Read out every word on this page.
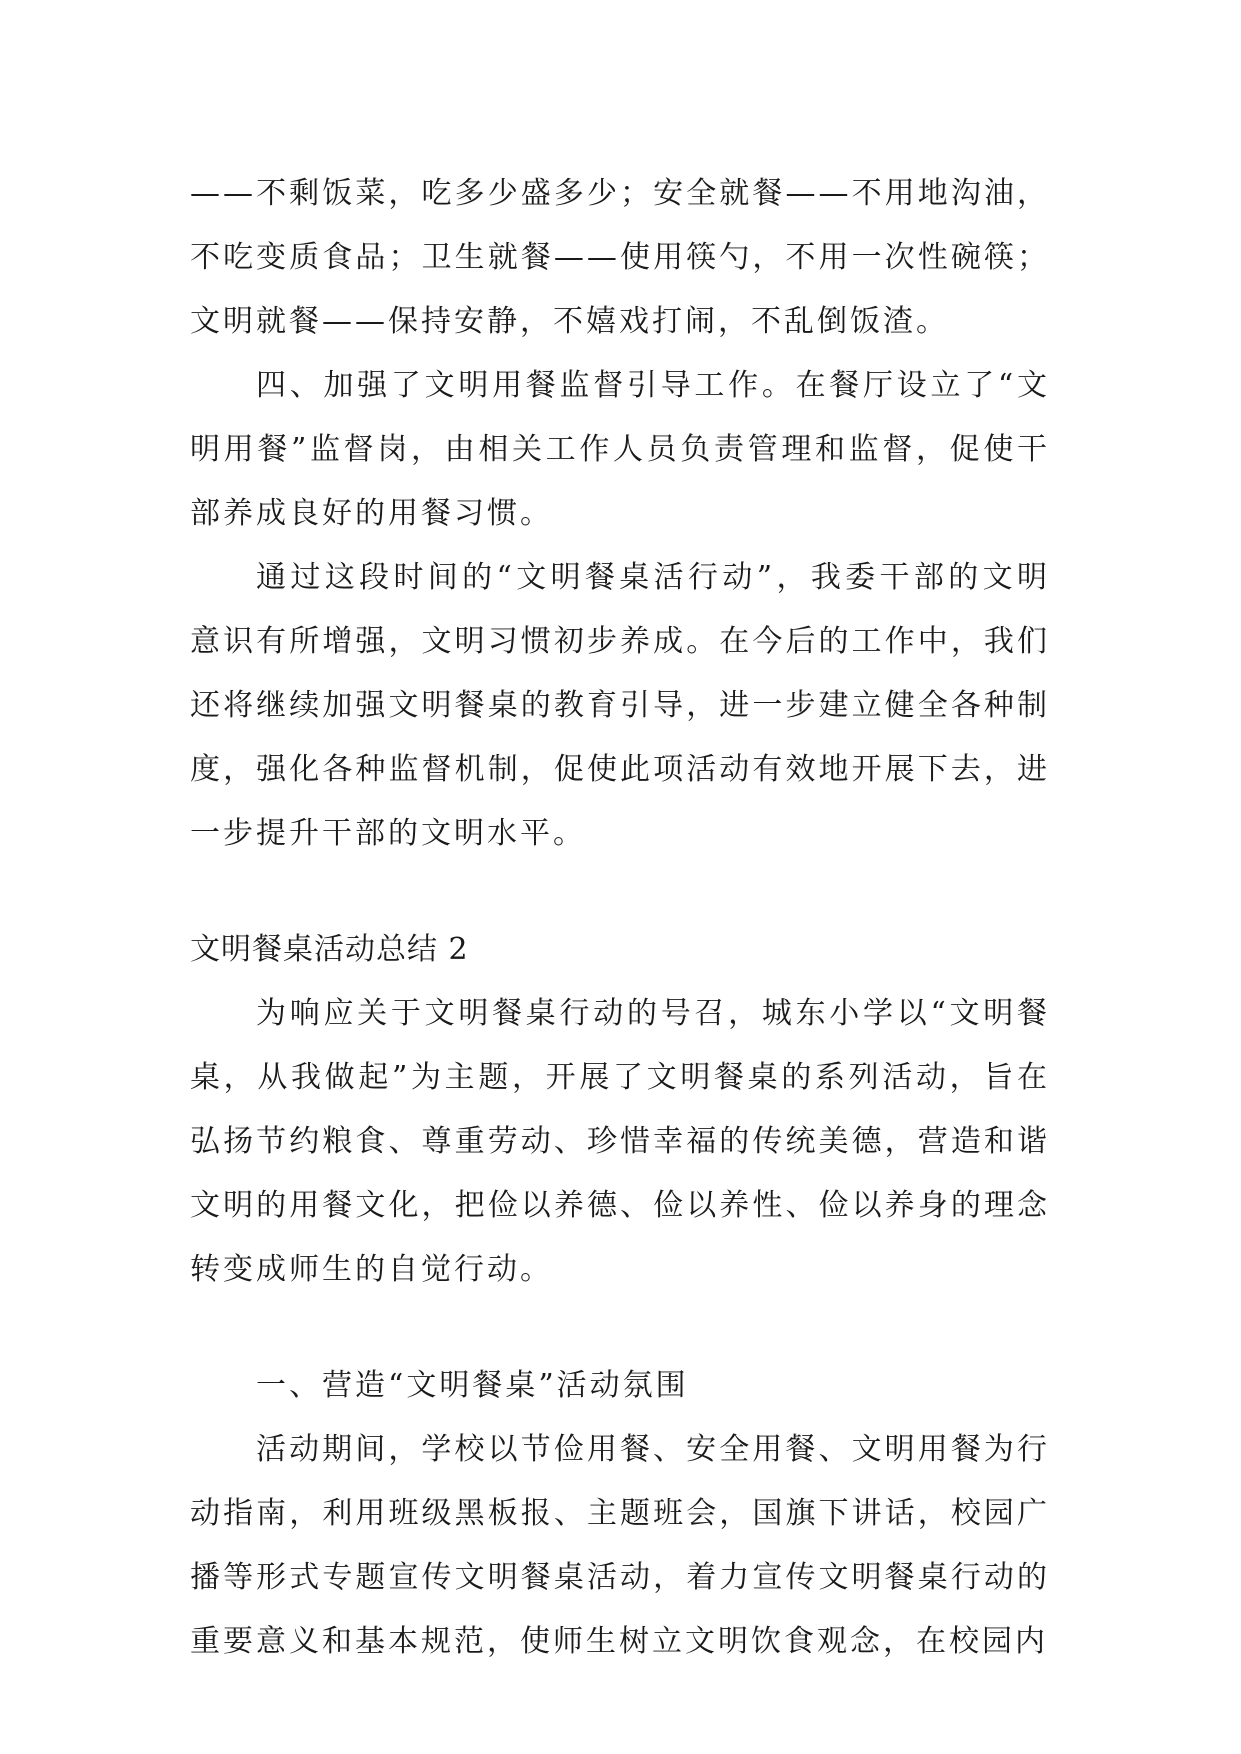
——不剩饭菜，吃多少盛多少；安全就餐——不用地沟油，不吃变质食品；卫生就餐——使用筷勺，不用一次性碗筷；文明就餐——保持安静，不嬉戏打闹，不乱倒饭渣。

四、加强了文明用餐监督引导工作。在餐厅设立了“文明用餐”监督岗，由相关工作人员负责管理和监督，促使干部养成良好的用餐习惯。

通过这段时间的“文明餐桌活行动”，我委干部的文明意识有所增强，文明习惯初步养成。在今后的工作中，我们还将继续加强文明餐桌的教育引导，进一步建立健全各种制度，强化各种监督机制，促使此项活动有效地开展下去，进一步提升干部的文明水平。

文明餐桌活动总结 2

为响应关于文明餐桌行动的号召，城东小学以“文明餐桌，从我做起”为主题，开展了文明餐桌的系列活动，旨在弘扬节约粮食、尊重劳动、珍惜幸福的传统美德，营造和谐文明的用餐文化，把俭以养德、俭以养性、俭以养身的理念转变成师生的自觉行动。

一、营造“文明餐桌”活动氛围

活动期间，学校以节俭用餐、安全用餐、文明用餐为行动指南，利用班级黑板报、主题班会，国旗下讲话，校园广播等形式专题宣传文明餐桌活动，着力宣传文明餐桌行动的重要意义和基本规范，使师生树立文明饮食观念，在校园内
